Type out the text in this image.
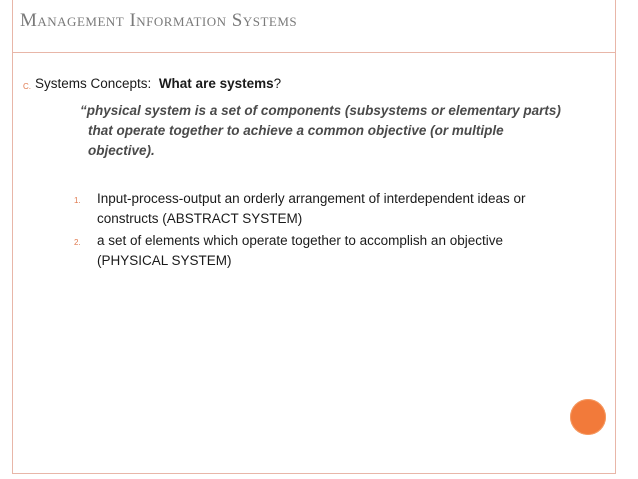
Management Information Systems
C. Systems Concepts: What are systems?
“physical system is a set of components (subsystems or elementary parts)
that operate together to achieve a common objective (or multiple
objective).
1. Input-process-output an orderly arrangement of interdependent ideas or
constructs (ABSTRACT SYSTEM)
2. a set of elements which operate together to accomplish an objective
(PHYSICAL SYSTEM)
